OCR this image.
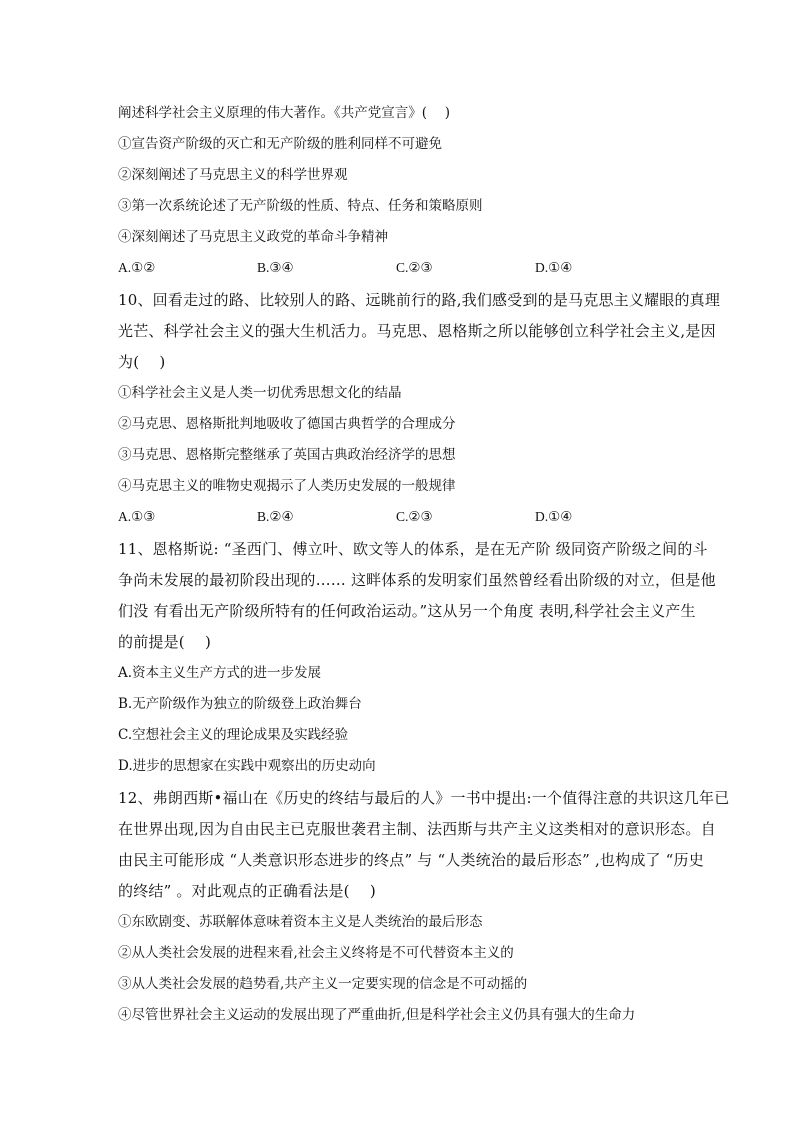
阐述科学社会主义原理的伟大著作。《共产党宣言》(　 )
①宣告资产阶级的灭亡和无产阶级的胜利同样不可避免
②深刻阐述了马克思主义的科学世界观
③第一次系统论述了无产阶级的性质、特点、任务和策略原则
④深刻阐述了马克思主义政党的革命斗争精神
A.①②	B.③④	C.②③	D.①④
10、回看走过的路、比较别人的路、远眺前行的路,我们感受到的是马克思主义耀眼的真理
光芒、科学社会主义的强大生机活力。马克思、恩格斯之所以能够创立科学社会主义,是因
为(　 )
①科学社会主义是人类一切优秀思想文化的结晶
②马克思、恩格斯批判地吸收了德国古典哲学的合理成分
③马克思、恩格斯完整继承了英国古典政治经济学的思想
④马克思主义的唯物史观揭示了人类历史发展的一般规律
A.①③	B.②④	C.②③	D.①④
11、恩格斯说: “圣西门、傅立叶、欧文等人的体系，是在无产阶 级同资产阶级之间的斗
争尚未发展的最初阶段出现的…… 这畔体系的发明家们虽然曾经看出阶级的对立，但是他
们没 有看出无产阶级所特有的任何政治运动。”这从另一个角度 表明,科学社会主义产生
的前提是(　 )
A.资本主义生产方式的进一步发展
B.无产阶级作为独立的阶级登上政治舞台
C.空想社会主义的理论成果及实践经验
D.进步的思想家在实践中观察出的历史动向
12、弗朗西斯•福山在《历史的终结与最后的人》一书中提出:一个值得注意的共识这几年已
在世界出现,因为自由民主已克服世袭君主制、法西斯与共产主义这类相对的意识形态。自
由民主可能形成 “人类意识形态进步的终点” 与 “人类统治的最后形态” ,也构成了 “历史
的终结” 。对此观点的正确看法是(　 )
①东欧剧变、苏联解体意味着资本主义是人类统治的最后形态
②从人类社会发展的进程来看,社会主义终将是不可代替资本主义的
③从人类社会发展的趋势看,共产主义一定要实现的信念是不可动摇的
④尽管世界社会主义运动的发展出现了严重曲折,但是科学社会主义仍具有强大的生命力
